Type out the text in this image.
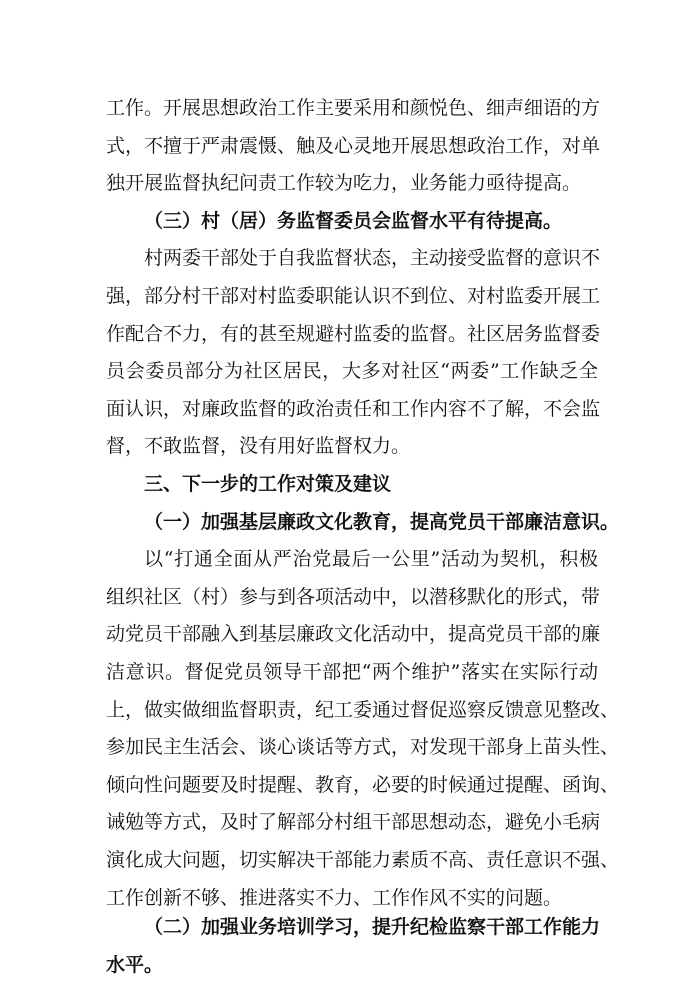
工作。开展思想政治工作主要采用和颜悦色、细声细语的方
式，不擅于严肃震慑、触及心灵地开展思想政治工作，对单
独开展监督执纪问责工作较为吃力，业务能力亟待提高。
（三）村（居）务监督委员会监督水平有待提高。
村两委干部处于自我监督状态，主动接受监督的意识不
强，部分村干部对村监委职能认识不到位、对村监委开展工
作配合不力，有的甚至规避村监委的监督。社区居务监督委
员会委员部分为社区居民，大多对社区“两委”工作缺乏全
面认识，对廉政监督的政治责任和工作内容不了解，不会监
督，不敢监督，没有用好监督权力。
三、下一步的工作对策及建议
（一）加强基层廉政文化教育，提高党员干部廉洁意识。
以“打通全面从严治党最后一公里”活动为契机，积极
组织社区（村）参与到各项活动中，以潜移默化的形式，带
动党员干部融入到基层廉政文化活动中，提高党员干部的廉
洁意识。督促党员领导干部把“两个维护”落实在实际行动
上，做实做细监督职责，纪工委通过督促巡察反馈意见整改、
参加民主生活会、谈心谈话等方式，对发现干部身上苗头性、
倾向性问题要及时提醒、教育，必要的时候通过提醒、函询、
诫勉等方式，及时了解部分村组干部思想动态，避免小毛病
演化成大问题，切实解决干部能力素质不高、责任意识不强、
工作创新不够、推进落实不力、工作作风不实的问题。
（二）加强业务培训学习，提升纪检监察干部工作能力
水平。
